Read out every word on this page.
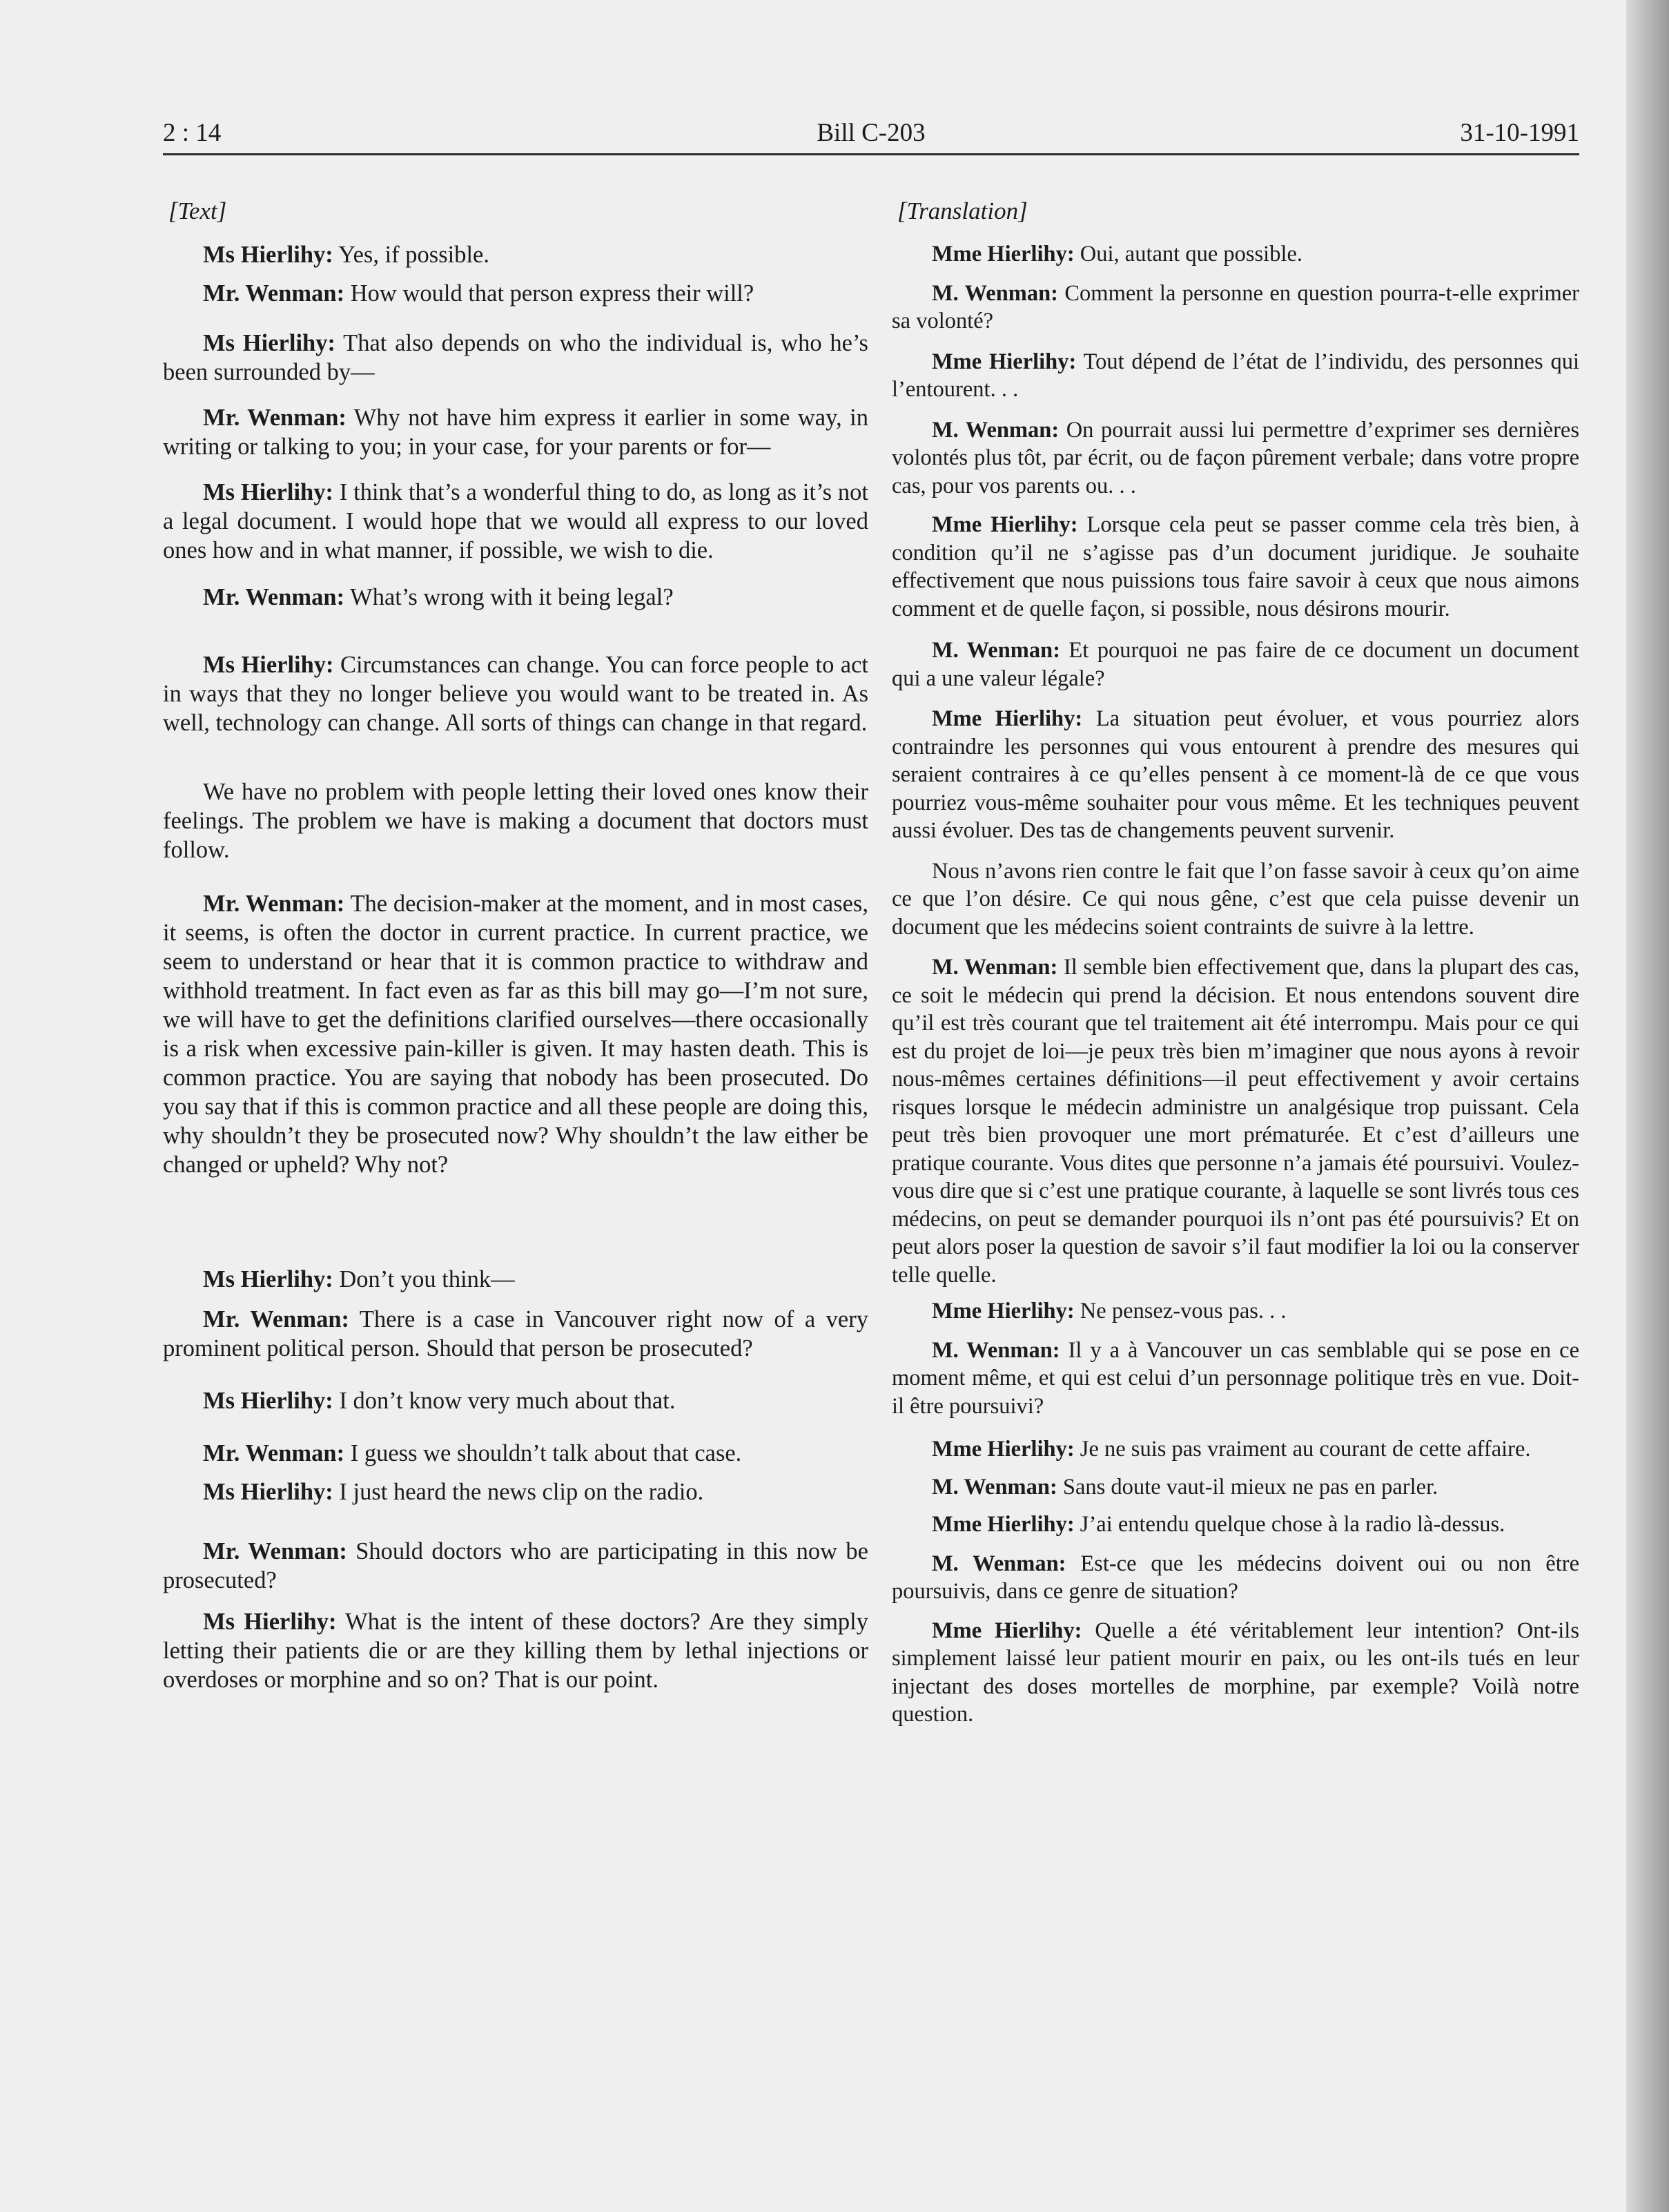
2 : 14	Bill C-203	31-10-1991
[Text]

Ms Hierlihy: Yes, if possible.

Mr. Wenman: How would that person express their will?

Ms Hierlihy: That also depends on who the individual is, who he’s been surrounded by—

Mr. Wenman: Why not have him express it earlier in some way, in writing or talking to you; in your case, for your parents or for—

Ms Hierlihy: I think that’s a wonderful thing to do, as long as it’s not a legal document. I would hope that we would all express to our loved ones how and in what manner, if possible, we wish to die.

Mr. Wenman: What’s wrong with it being legal?

Ms Hierlihy: Circumstances can change. You can force people to act in ways that they no longer believe you would want to be treated in. As well, technology can change. All sorts of things can change in that regard.

We have no problem with people letting their loved ones know their feelings. The problem we have is making a document that doctors must follow.

Mr. Wenman: The decision-maker at the moment, and in most cases, it seems, is often the doctor in current practice. In current practice, we seem to understand or hear that it is common practice to withdraw and withhold treatment. In fact even as far as this bill may go—I’m not sure, we will have to get the definitions clarified ourselves—there occasionally is a risk when excessive pain-killer is given. It may hasten death. This is common practice. You are saying that nobody has been prosecuted. Do you say that if this is common practice and all these people are doing this, why shouldn’t they be prosecuted now? Why shouldn’t the law either be changed or upheld? Why not?

Ms Hierlihy: Don’t you think—

Mr. Wenman: There is a case in Vancouver right now of a very prominent political person. Should that person be prosecuted?

Ms Hierlihy: I don’t know very much about that.

Mr. Wenman: I guess we shouldn’t talk about that case.

Ms Hierlihy: I just heard the news clip on the radio.

Mr. Wenman: Should doctors who are participating in this now be prosecuted?

Ms Hierlihy: What is the intent of these doctors? Are they simply letting their patients die or are they killing them by lethal injections or overdoses or morphine and so on? That is our point.

[Translation]

Mme Hierlihy: Oui, autant que possible.

M. Wenman: Comment la personne en question pourra-t-elle exprimer sa volonté?

Mme Hierlihy: Tout dépend de l’état de l’individu, des personnes qui l’entourent. . .

M. Wenman: On pourrait aussi lui permettre d’exprimer ses dernières volontés plus tôt, par écrit, ou de façon pûrement verbale; dans votre propre cas, pour vos parents ou. . .

Mme Hierlihy: Lorsque cela peut se passer comme cela très bien, à condition qu’il ne s’agisse pas d’un document juridique. Je souhaite effectivement que nous puissions tous faire savoir à ceux que nous aimons comment et de quelle façon, si possible, nous désirons mourir.

M. Wenman: Et pourquoi ne pas faire de ce document un document qui a une valeur légale?

Mme Hierlihy: La situation peut évoluer, et vous pourriez alors contraindre les personnes qui vous entourent à prendre des mesures qui seraient contraires à ce qu’elles pensent à ce moment-là de ce que vous pourriez vous-même souhaiter pour vous même. Et les techniques peuvent aussi évoluer. Des tas de changements peuvent survenir.

Nous n’avons rien contre le fait que l’on fasse savoir à ceux qu’on aime ce que l’on désire. Ce qui nous gêne, c’est que cela puisse devenir un document que les médecins soient contraints de suivre à la lettre.

M. Wenman: Il semble bien effectivement que, dans la plupart des cas, ce soit le médecin qui prend la décision. Et nous entendons souvent dire qu’il est très courant que tel traitement ait été interrompu. Mais pour ce qui est du projet de loi—je peux très bien m’imaginer que nous ayons à revoir nous-mêmes certaines définitions—il peut effectivement y avoir certains risques lorsque le médecin administre un analgésique trop puissant. Cela peut très bien provoquer une mort prématurée. Et c’est d’ailleurs une pratique courante. Vous dites que personne n’a jamais été poursuivi. Voulez-vous dire que si c’est une pratique courante, à laquelle se sont livrés tous ces médecins, on peut se demander pourquoi ils n’ont pas été poursuivis? Et on peut alors poser la question de savoir s’il faut modifier la loi ou la conserver telle quelle.

Mme Hierlihy: Ne pensez-vous pas. . .

M. Wenman: Il y a à Vancouver un cas semblable qui se pose en ce moment même, et qui est celui d’un personnage politique très en vue. Doit-il être poursuivi?

Mme Hierlihy: Je ne suis pas vraiment au courant de cette affaire.

M. Wenman: Sans doute vaut-il mieux ne pas en parler.

Mme Hierlihy: J’ai entendu quelque chose à la radio là-dessus.

M. Wenman: Est-ce que les médecins doivent oui ou non être poursuivis, dans ce genre de situation?

Mme Hierlihy: Quelle a été véritablement leur intention? Ont-ils simplement laissé leur patient mourir en paix, ou les ont-ils tués en leur injectant des doses mortelles de morphine, par exemple? Voilà notre question.
